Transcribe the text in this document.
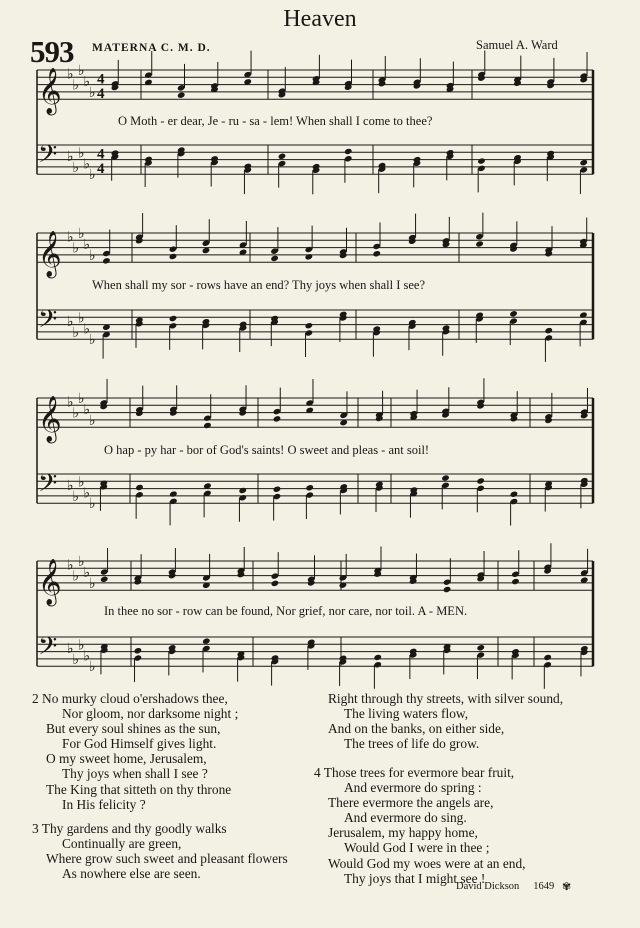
Heaven
593 MATERNA C. M. D.	Samuel A. Ward
𝄞 ♭
♭
♭
♭
♭
4
4
𝄢 ♭
♭
♭
♭
♭
4
4
𝄞 ♭
♭
♭
♭
♭
𝄢 ♭
♭
♭
♭
♭
𝄞 ♭
♭
♭
♭
♭
𝄢 ♭
♭
♭
♭
♭
𝄞 ♭
♭
♭
♭
♭
𝄢 ♭
♭
♭
♭
♭
O Moth - er dear, Je - ru - sa - lem! When shall I come to thee?
When shall my sor - rows have an end? Thy joys when shall I see?
O hap - py har - bor of God's saints! O sweet and pleas - ant soil!
In thee no sor - row can be found, Nor grief, nor care, nor toil. A - MEN.
2 No murky cloud o'ershadows thee,
Nor gloom, nor darksome night ;
But every soul shines as the sun,
For God Himself gives light.
O my sweet home, Jerusalem,
Thy joys when shall I see ?
The King that sitteth on thy throne
In His felicity ?
3 Thy gardens and thy goodly walks
Continually are green,
Where grow such sweet and pleasant flowers
As nowhere else are seen.
Right through thy streets, with silver sound,
The living waters flow,
And on the banks, on either side,
The trees of life do grow.
4 Those trees for evermore bear fruit,
And evermore do spring :
There evermore the angels are,
And evermore do sing.
Jerusalem, my happy home,
Would God I were in thee ;
Would God my woes were at an end,
Thy joys that I might see !
David Dickson 1649 ✾
